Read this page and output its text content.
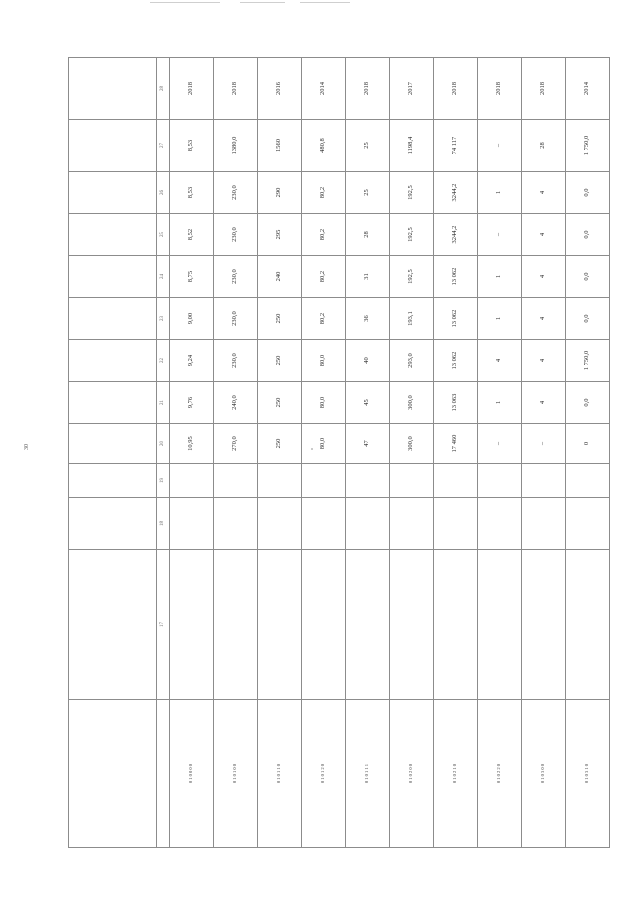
30

	17	18	19	20	21	22	23	24	25	26	27	28
0 1 0 0 0 0				10,95	9,76	9,24	9,00	8,75	8,52	8,53	8,53	2018
0 1 0 1 0 0				270,0	240,0	230,0	230,0	230,0	230,0	230,0	1380,0	2018
0 1 0 1 1 0				250	250	250	250	240	295	290	1560	2016
0 1 0 1 2 0				80,0	80,0	80,0	80,2	80,2	80,2	80,2	480,8	2014
0 1 0 1 1 1				47	45	40	36	31	28	25	25	2018
0 1 0 2 0 0				300,0	300,0	293,0	193,1	192,5	192,5	192,5	1198,4	2017
0 1 0 2 1 0				17 460	13 063	13 062	13 062	13 062	3244,2	3244,2	74 117	2018
0 1 0 2 2 0				–	1	4	1	1	–	1	–	2018
0 1 0 3 0 0				–	4	4	4	4	4	4	28	2018
0 1 0 3 1 0				0	0,0	1 750,0	0,0	0,0	0,0	0,0	1 750,0	2014
